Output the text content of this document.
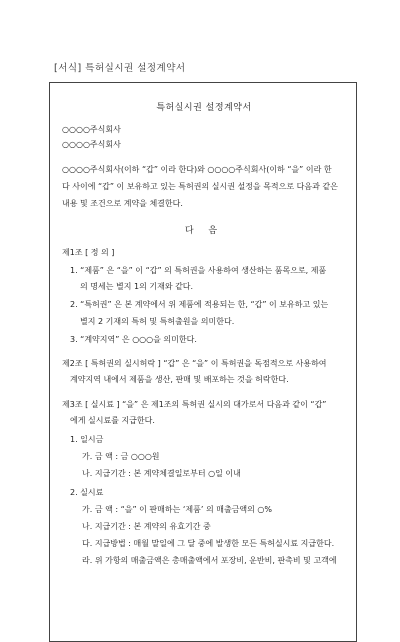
[서식] 특허실시권 설정계약서
특허실시권 설정계약서
○○○○주식회사
○○○○주식회사
○○○○주식회사(이하 “갑” 이라 한다)와 ○○○○주식회사(이하 “을” 이라 한
다 사이에 “갑” 이 보유하고 있는 특허권의 실시권 설정을 목적으로 다음과 같은
내용 및 조건으로 계약을 체결한다.
다 음
제1조 [ 정 의 ]
1. “제품” 은 “을” 이 “갑” 의 특허권을 사용하여 생산하는 품목으로, 제품
의 명세는 별지 1의 기재와 같다.
2. “특허권” 은 본 계약에서 위 제품에 적용되는 한, “갑” 이 보유하고 있는
별지 2 기재의 특허 및 특허출원을 의미한다.
3. “계약지역” 은 ○○○을 의미한다.
제2조 [ 특허권의 실시허락 ] “갑” 은 “을” 이 특허권을 독점적으로 사용하여
계약지역 내에서 제품을 생산, 판매 및 배포하는 것을 허락한다.
제3조 [ 실시료 ] “을” 은 제1조의 특허권 실시의 대가로서 다음과 같이 “갑”
에게 실시료를 지급한다.
1. 일시금
가. 금 액 : 금 ○○○원
나. 지급기간 : 본 계약체결일로부터 ○일 이내
2. 실시료
가. 금 액 : “을” 이 판매하는 ‘제품’ 의 매출금액의 ○%
나. 지급기간 : 본 계약의 유효기간 중
다. 지급방법 : 매월 말일에 그 달 중에 발생한 모든 특허실시료 지급한다.
라. 위 가항의 매출금액은 총매출액에서 포장비, 운반비, 판촉비 및 고객에
